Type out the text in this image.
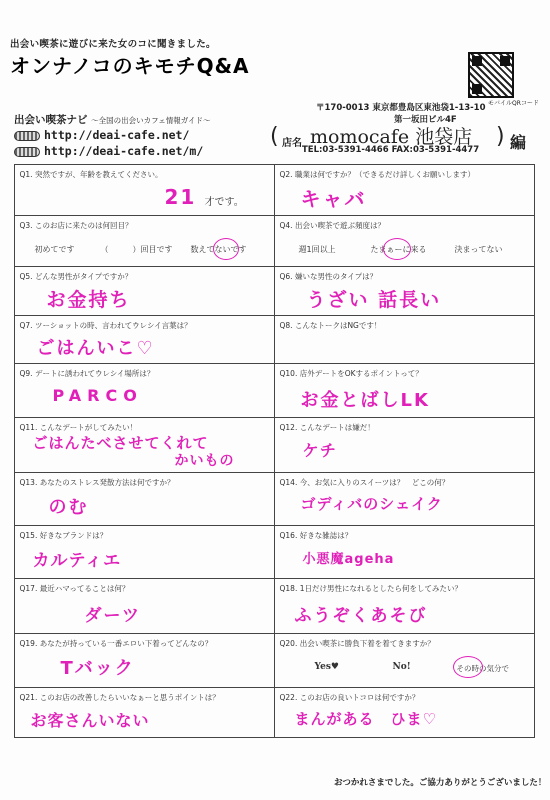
出会い喫茶に遊びに来た女のコに聞きました。
オンナノコのキモチQ&A
モバイルQRコード
出会い喫茶ナビ 〜全国の出会いカフェ情報ガイド〜
http://deai-cafe.net/
http://deai-cafe.net/m/
〒170-0013 東京都豊島区東池袋1-13-10
第一坂田ビル4F
( 店名 momocafe 池袋店
TEL:03-5391-4466 FAX:03-5391-4477
) 編
Q1. 突然ですが、年齢を教えてください。
21 才です。
Q2. 職業は何ですか？（できるだけ詳しくお願いします）
キャバ
Q3. このお店に来たのは何回目？
初めてです	（　　　）回目です 数えてないです
Q4. 出会い喫茶で遊ぶ頻度は？
週1回以上	たまぁーに来る	決まってない
Q5. どんな男性がタイプですか？
お金持ち
Q6. 嫌いな男性のタイプは？
うざい 話長い
Q7. ツーショットの時、言われてウレシイ言葉は？
ごはんいこ♡
Q8. こんなトークはNGです！
Q9. デートに誘われてウレシイ場所は？
PARCO
Q10. 店外デートをOKするポイントって？
お金とばしLK
Q11. こんなデートがしてみたい！
ごはんたべさせてくれて
かいもの
Q12. こんなデートは嫌だ！
ケチ
Q13. あなたのストレス発散方法は何ですか？
のむ
Q14. 今、お気に入りのスイーツは？　どこの何？
ゴディバのシェイク
Q15. 好きなブランドは？
カルティエ
Q16. 好きな雑誌は？
小悪魔ageha
Q17. 最近ハマってることは何？
ダーツ
Q18. 1日だけ男性になれるとしたら何をしてみたい？
ふうぞくあそび
Q19. あなたが持っている一番エロい下着ってどんなの？
Tバック
Q20. 出会い喫茶に勝負下着を着てきますか？
Yes♥	No!	その時の気分で
Q21. このお店の改善したらいいなぁーと思うポイントは？
お客さんいない
Q22. このお店の良いトコロは何ですか？
まんがある　ひま♡
おつかれさまでした。ご協力ありがとうございました！
